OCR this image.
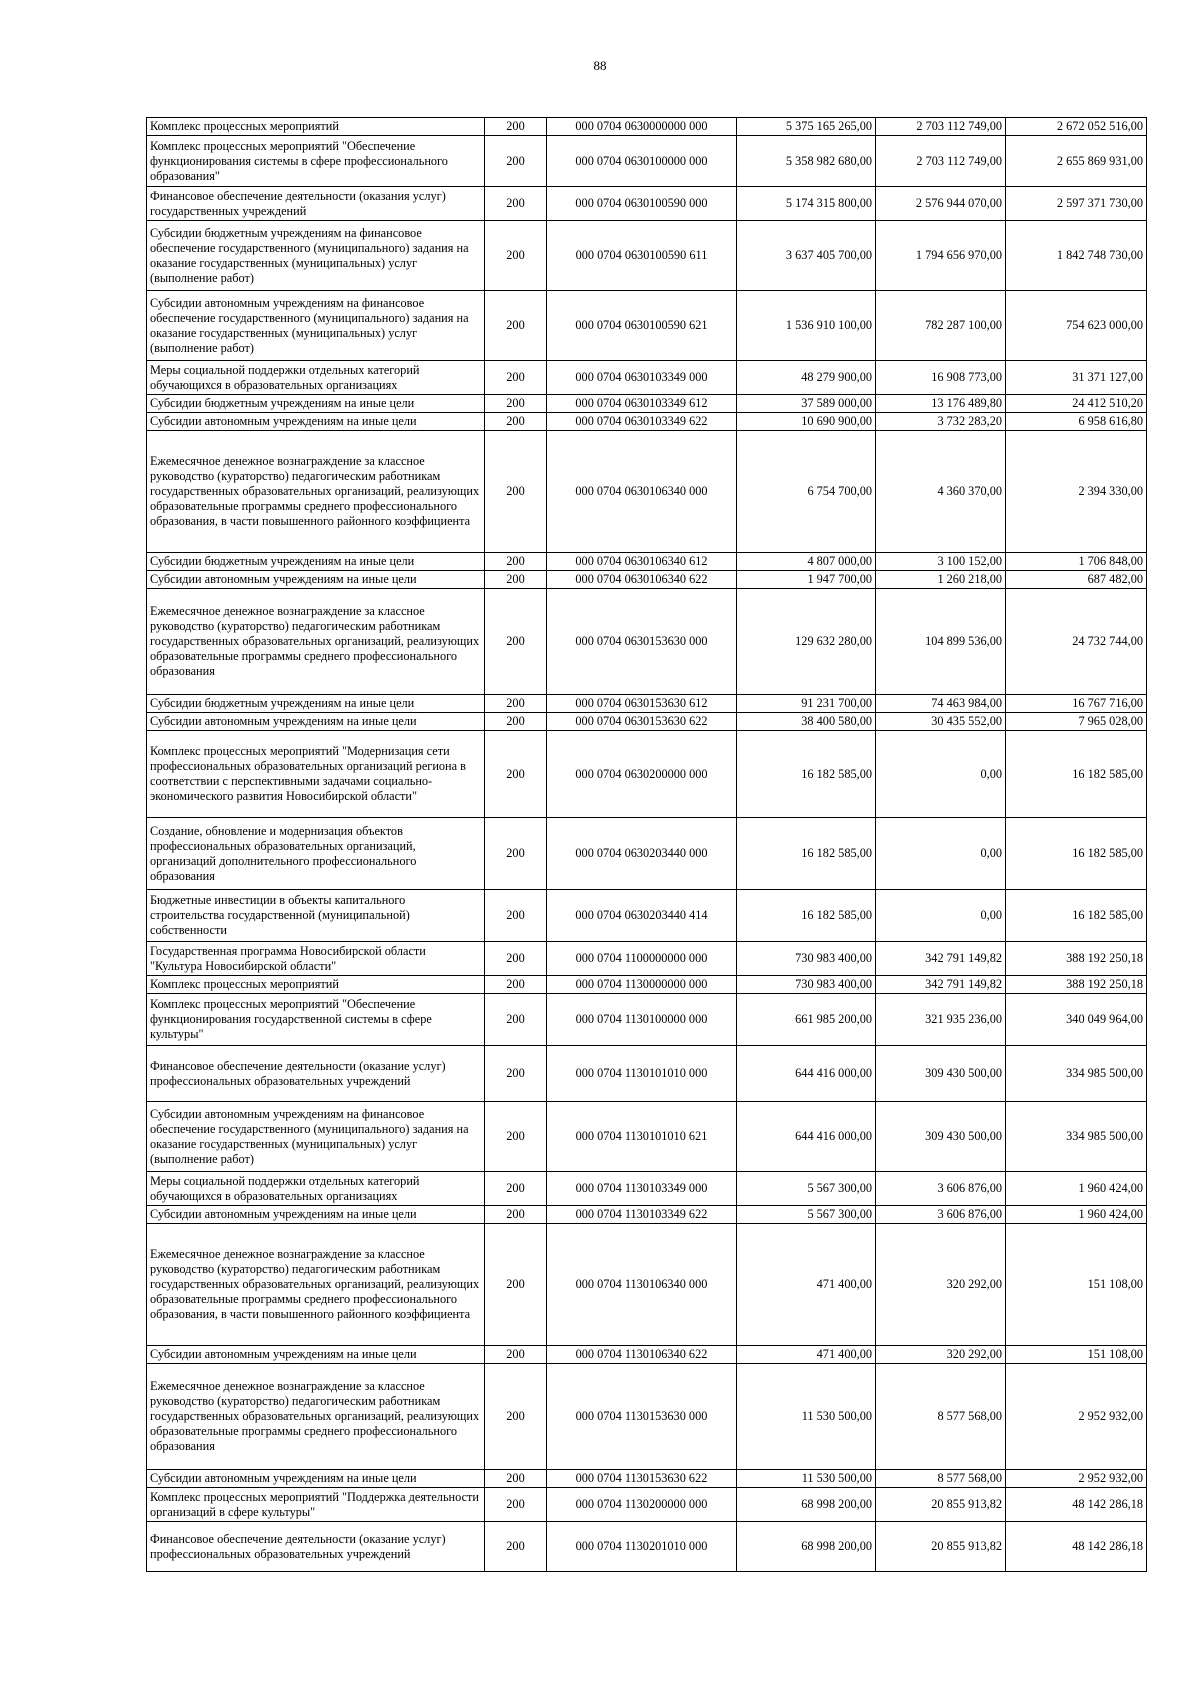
88
Комплекс процессных мероприятий	200	000 0704 0630000000 000	5 375 165 265,00	2 703 112 749,00	2 672 052 516,00
Комплекс процессных мероприятий "Обеспечение функционирования системы в сфере профессионального образования"	200	000 0704 0630100000 000	5 358 982 680,00	2 703 112 749,00	2 655 869 931,00
Финансовое обеспечение деятельности (оказания услуг) государственных учреждений	200	000 0704 0630100590 000	5 174 315 800,00	2 576 944 070,00	2 597 371 730,00
Субсидии бюджетным учреждениям на финансовое обеспечение государственного (муниципального) задания на оказание государственных (муниципальных) услуг (выполнение работ)	200	000 0704 0630100590 611	3 637 405 700,00	1 794 656 970,00	1 842 748 730,00
Субсидии автономным учреждениям на финансовое обеспечение государственного (муниципального) задания на оказание государственных (муниципальных) услуг (выполнение работ)	200	000 0704 0630100590 621	1 536 910 100,00	782 287 100,00	754 623 000,00
Меры социальной поддержки отдельных категорий обучающихся в образовательных организациях	200	000 0704 0630103349 000	48 279 900,00	16 908 773,00	31 371 127,00
Субсидии бюджетным учреждениям на иные цели	200	000 0704 0630103349 612	37 589 000,00	13 176 489,80	24 412 510,20
Субсидии автономным учреждениям на иные цели	200	000 0704 0630103349 622	10 690 900,00	3 732 283,20	6 958 616,80
Ежемесячное денежное вознаграждение за классное руководство (кураторство) педагогическим работникам государственных образовательных организаций, реализующих образовательные программы среднего профессионального образования, в части повышенного районного коэффициента	200	000 0704 0630106340 000	6 754 700,00	4 360 370,00	2 394 330,00
Субсидии бюджетным учреждениям на иные цели	200	000 0704 0630106340 612	4 807 000,00	3 100 152,00	1 706 848,00
Субсидии автономным учреждениям на иные цели	200	000 0704 0630106340 622	1 947 700,00	1 260 218,00	687 482,00
Ежемесячное денежное вознаграждение за классное руководство (кураторство) педагогическим работникам государственных образовательных организаций, реализующих образовательные программы среднего профессионального образования	200	000 0704 0630153630 000	129 632 280,00	104 899 536,00	24 732 744,00
Субсидии бюджетным учреждениям на иные цели	200	000 0704 0630153630 612	91 231 700,00	74 463 984,00	16 767 716,00
Субсидии автономным учреждениям на иные цели	200	000 0704 0630153630 622	38 400 580,00	30 435 552,00	7 965 028,00
Комплекс процессных мероприятий "Модернизация сети профессиональных образовательных организаций региона в соответствии с перспективными задачами социально-экономического развития Новосибирской области"	200	000 0704 0630200000 000	16 182 585,00	0,00	16 182 585,00
Создание, обновление и модернизация объектов профессиональных образовательных организаций, организаций дополнительного профессионального образования	200	000 0704 0630203440 000	16 182 585,00	0,00	16 182 585,00
Бюджетные инвестиции в объекты капитального строительства государственной (муниципальной) собственности	200	000 0704 0630203440 414	16 182 585,00	0,00	16 182 585,00
Государственная программа Новосибирской области "Культура Новосибирской области"	200	000 0704 1100000000 000	730 983 400,00	342 791 149,82	388 192 250,18
Комплекс процессных мероприятий	200	000 0704 1130000000 000	730 983 400,00	342 791 149,82	388 192 250,18
Комплекс процессных мероприятий "Обеспечение функционирования государственной системы в сфере культуры"	200	000 0704 1130100000 000	661 985 200,00	321 935 236,00	340 049 964,00
Финансовое обеспечение деятельности (оказание услуг) профессиональных образовательных учреждений	200	000 0704 1130101010 000	644 416 000,00	309 430 500,00	334 985 500,00
Субсидии автономным учреждениям на финансовое обеспечение государственного (муниципального) задания на оказание государственных (муниципальных) услуг (выполнение работ)	200	000 0704 1130101010 621	644 416 000,00	309 430 500,00	334 985 500,00
Меры социальной поддержки отдельных категорий обучающихся в образовательных организациях	200	000 0704 1130103349 000	5 567 300,00	3 606 876,00	1 960 424,00
Субсидии автономным учреждениям на иные цели	200	000 0704 1130103349 622	5 567 300,00	3 606 876,00	1 960 424,00
Ежемесячное денежное вознаграждение за классное руководство (кураторство) педагогическим работникам государственных образовательных организаций, реализующих образовательные программы среднего профессионального образования, в части повышенного районного коэффициента	200	000 0704 1130106340 000	471 400,00	320 292,00	151 108,00
Субсидии автономным учреждениям на иные цели	200	000 0704 1130106340 622	471 400,00	320 292,00	151 108,00
Ежемесячное денежное вознаграждение за классное руководство (кураторство) педагогическим работникам государственных образовательных организаций, реализующих образовательные программы среднего профессионального образования	200	000 0704 1130153630 000	11 530 500,00	8 577 568,00	2 952 932,00
Субсидии автономным учреждениям на иные цели	200	000 0704 1130153630 622	11 530 500,00	8 577 568,00	2 952 932,00
Комплекс процессных мероприятий "Поддержка деятельности организаций в сфере культуры"	200	000 0704 1130200000 000	68 998 200,00	20 855 913,82	48 142 286,18
Финансовое обеспечение деятельности (оказание услуг) профессиональных образовательных учреждений	200	000 0704 1130201010 000	68 998 200,00	20 855 913,82	48 142 286,18
